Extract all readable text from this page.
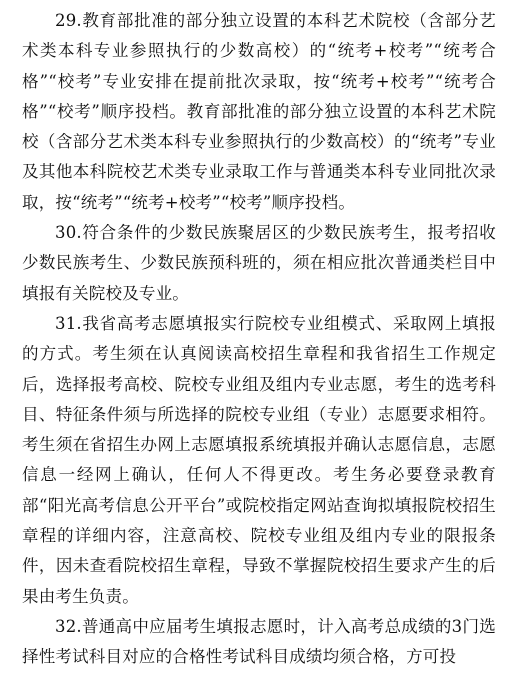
29.教育部批准的部分独立设置的本科艺术院校（含部分艺术类本科专业参照执行的少数高校）的“统考+校考”“统考合格”“校考”专业安排在提前批次录取，按“统考+校考”“统考合格”“校考”顺序投档。教育部批准的部分独立设置的本科艺术院校（含部分艺术类本科专业参照执行的少数高校）的“统考”专业及其他本科院校艺术类专业录取工作与普通类本科专业同批次录取，按“统考”“统考+校考”“校考”顺序投档。

30.符合条件的少数民族聚居区的少数民族考生，报考招收少数民族考生、少数民族预科班的，须在相应批次普通类栏目中填报有关院校及专业。

31.我省高考志愿填报实行院校专业组模式、采取网上填报的方式。考生须在认真阅读高校招生章程和我省招生工作规定后，选择报考高校、院校专业组及组内专业志愿，考生的选考科目、特征条件须与所选择的院校专业组（专业）志愿要求相符。考生须在省招生办网上志愿填报系统填报并确认志愿信息，志愿信息一经网上确认，任何人不得更改。考生务必要登录教育部“阳光高考信息公开平台”或院校指定网站查询拟填报院校招生章程的详细内容，注意高校、院校专业组及组内专业的限报条件，因未查看院校招生章程，导致不掌握院校招生要求产生的后果由考生负责。

32.普通高中应届考生填报志愿时，计入高考总成绩的3门选择性考试科目对应的合格性考试科目成绩均须合格，方可投
